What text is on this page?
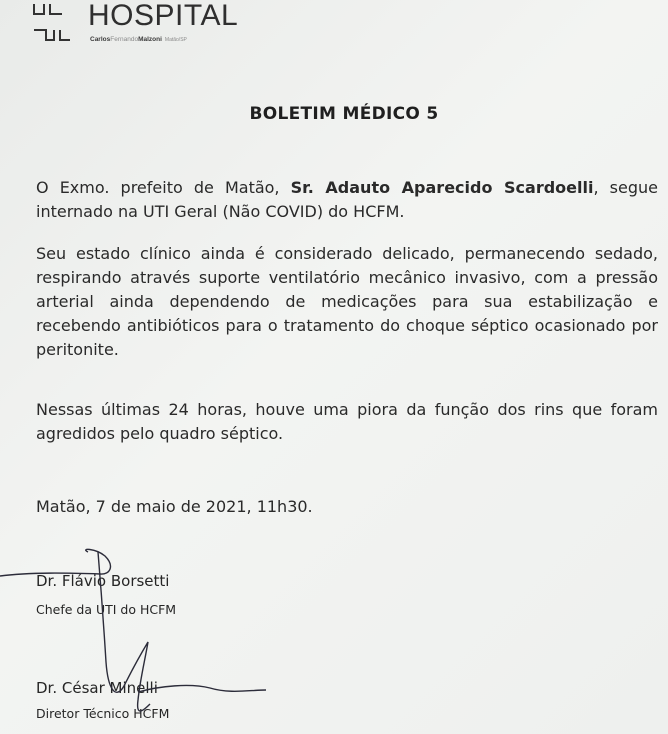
HOSPITAL
CarlosFernandoMalzoni Matão/SP
BOLETIM MÉDICO 5
O Exmo. prefeito de Matão, Sr. Adauto Aparecido Scardoelli, segue internado na UTI Geral (Não COVID) do HCFM.
Seu estado clínico ainda é considerado delicado, permanecendo sedado, respirando através suporte ventilatório mecânico invasivo, com a pressão arterial ainda dependendo de medicações para sua estabilização e recebendo antibióticos para o tratamento do choque séptico ocasionado por peritonite.
Nessas últimas 24 horas, houve uma piora da função dos rins que foram agredidos pelo quadro séptico.
Matão, 7 de maio de 2021, 11h30.
Dr. Flávio Borsetti
Chefe da UTI do HCFM
Dr. César Minelli
Diretor Técnico HCFM
